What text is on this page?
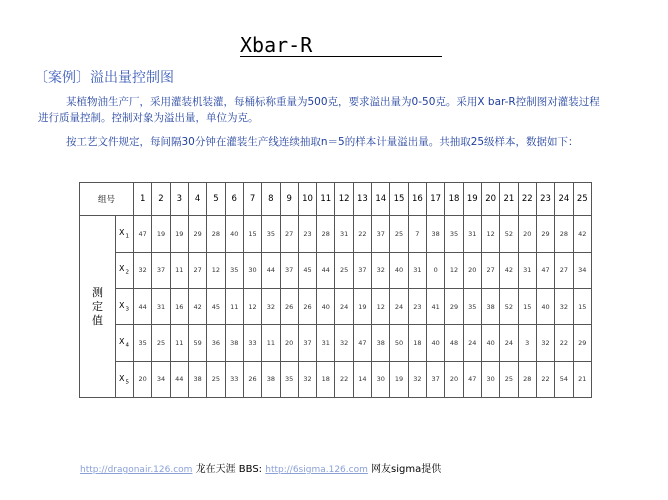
Xbar-R
〔案例〕溢出量控制图

某植物油生产厂，采用灌装机装灌，每桶标称重量为500克，要求溢出量为0-50克。采用X bar-R控制图对灌装过程进行质量控制。控制对象为溢出量，单位为克。

按工艺文件规定，每间隔30分钟在灌装生产线连续抽取n＝5的样本计量溢出量。共抽取25级样本，数据如下：

组号		1	2	3	4	5	6	7	8	9	10	11	12	13	14	15	16	17	18	19	20	21	22	23	24	25

测
定
值	$X_1$	47	19	19	29	28	40	15	35	27	23	28	31	22	37	25	7	38	35	31	12	52	20	29	28	42
	$X_2$	32	37	11	27	12	35	30	44	37	45	44	25	37	32	40	31	0	12	20	27	42	31	47	27	34
	$X_3$	44	31	16	42	45	11	12	32	26	26	40	24	19	12	24	23	41	29	35	38	52	15	40	32	15
	$X_4$	35	25	11	59	36	38	33	11	20	37	31	32	47	38	50	18	40	48	24	40	24	3	32	22	29
	$X_5$	20	34	44	38	25	33	26	38	35	32	18	22	14	30	19	32	37	20	47	30	25	28	22	54	21
http://dragonair.126.com 龙在天涯 BBS: http://6sigma.126.com 网友sigma提供
